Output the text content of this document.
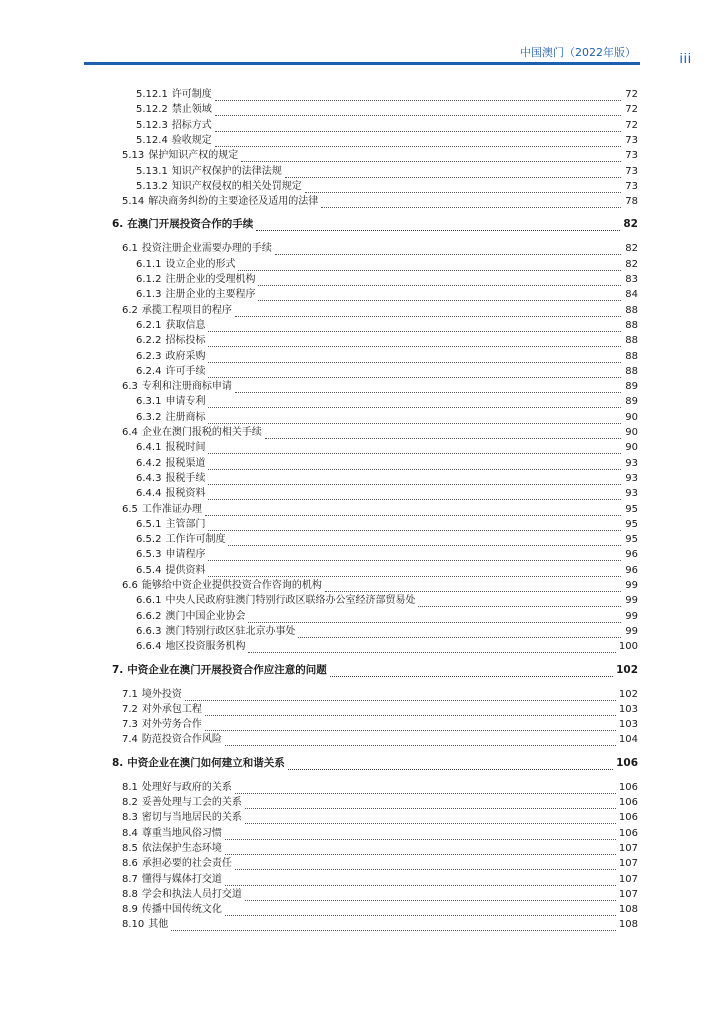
中国澳门（2022年版）	iii
5.12.1 许可制度	72
5.12.2 禁止领域	72
5.12.3 招标方式	72
5.12.4 验收规定	73
5.13 保护知识产权的规定	73
5.13.1 知识产权保护的法律法规	73
5.13.2 知识产权侵权的相关处罚规定	73
5.14 解决商务纠纷的主要途径及适用的法律	78
6. 在澳门开展投资合作的手续	82
6.1 投资注册企业需要办理的手续	82
6.1.1 设立企业的形式	82
6.1.2 注册企业的受理机构	83
6.1.3 注册企业的主要程序	84
6.2 承揽工程项目的程序	88
6.2.1 获取信息	88
6.2.2 招标投标	88
6.2.3 政府采购	88
6.2.4 许可手续	88
6.3 专利和注册商标申请	89
6.3.1 申请专利	89
6.3.2 注册商标	90
6.4 企业在澳门报税的相关手续	90
6.4.1 报税时间	90
6.4.2 报税渠道	93
6.4.3 报税手续	93
6.4.4 报税资料	93
6.5 工作准证办理	95
6.5.1 主管部门	95
6.5.2 工作许可制度	95
6.5.3 申请程序	96
6.5.4 提供资料	96
6.6 能够给中资企业提供投资合作咨询的机构	99
6.6.1 中央人民政府驻澳门特别行政区联络办公室经济部贸易处	99
6.6.2 澳门中国企业协会	99
6.6.3 澳门特别行政区驻北京办事处	99
6.6.4 地区投资服务机构	100
7. 中资企业在澳门开展投资合作应注意的问题	102
7.1 境外投资	102
7.2 对外承包工程	103
7.3 对外劳务合作	103
7.4 防范投资合作风险	104
8. 中资企业在澳门如何建立和谐关系	106
8.1 处理好与政府的关系	106
8.2 妥善处理与工会的关系	106
8.3 密切与当地居民的关系	106
8.4 尊重当地风俗习惯	106
8.5 依法保护生态环境	107
8.6 承担必要的社会责任	107
8.7 懂得与媒体打交道	107
8.8 学会和执法人员打交道	107
8.9 传播中国传统文化	108
8.10 其他	108
